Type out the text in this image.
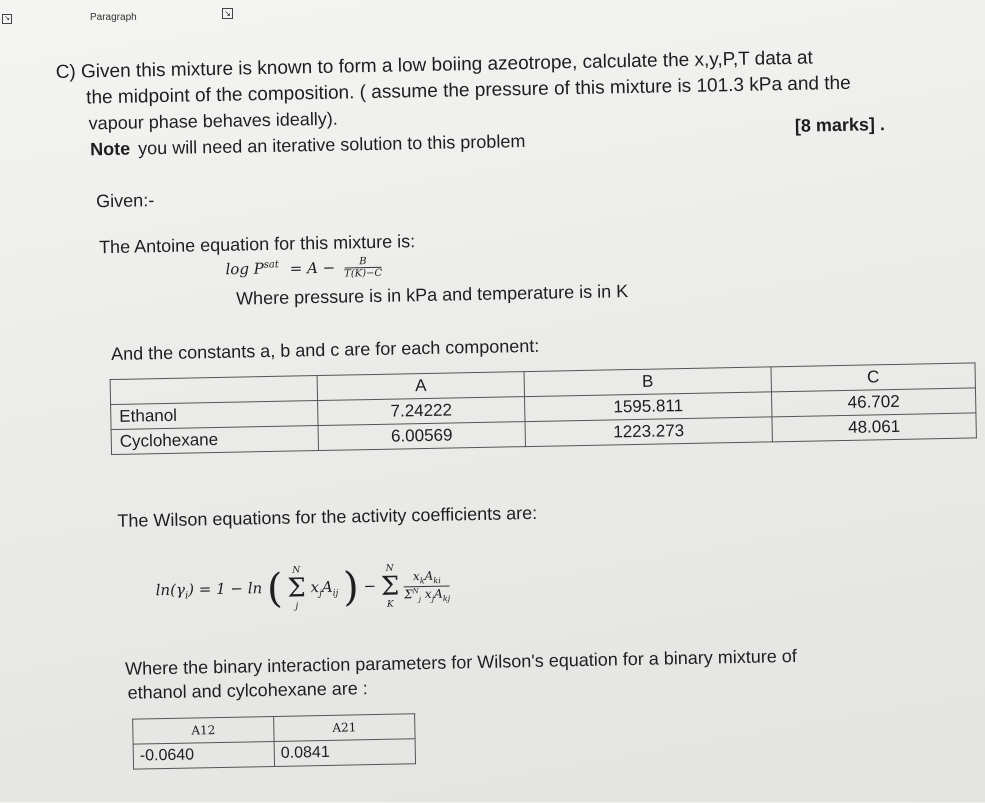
↘	Paragraph	↘
C) Given this mixture is known to form a low boiing azeotrope, calculate the x,y,P,T data at
the midpoint of the composition. ( assume the pressure of this mixture is 101.3 kPa and the
vapour phase behaves ideally).
Note you will need an iterative solution to this problem
[8 marks] .
Given:-
The Antoine equation for this mixture is:
$\log P^{sat} = A - \frac{B}{T(K)-C}$
Where pressure is in kPa and temperature is in K
And the constants a, b and c are for each component:
	A	B	C
Ethanol	7.24222	1595.811	46.702
Cyclohexane	6.00569	1223.273	48.061
The Wilson equations for the activity coefficients are:
$\ln(\gamma_i) = 1 - \ln$ (	N
Σ
j
$x_jA_{ij}$ ) −
N
Σ
K

$x_kA_{ki}$
$\Sigma^N_j$ $x_jA_{kj}$
Where the binary interaction parameters for Wilson's equation for a binary mixture of
ethanol and cylcohexane are :
A12	A21
-0.0640	0.0841
